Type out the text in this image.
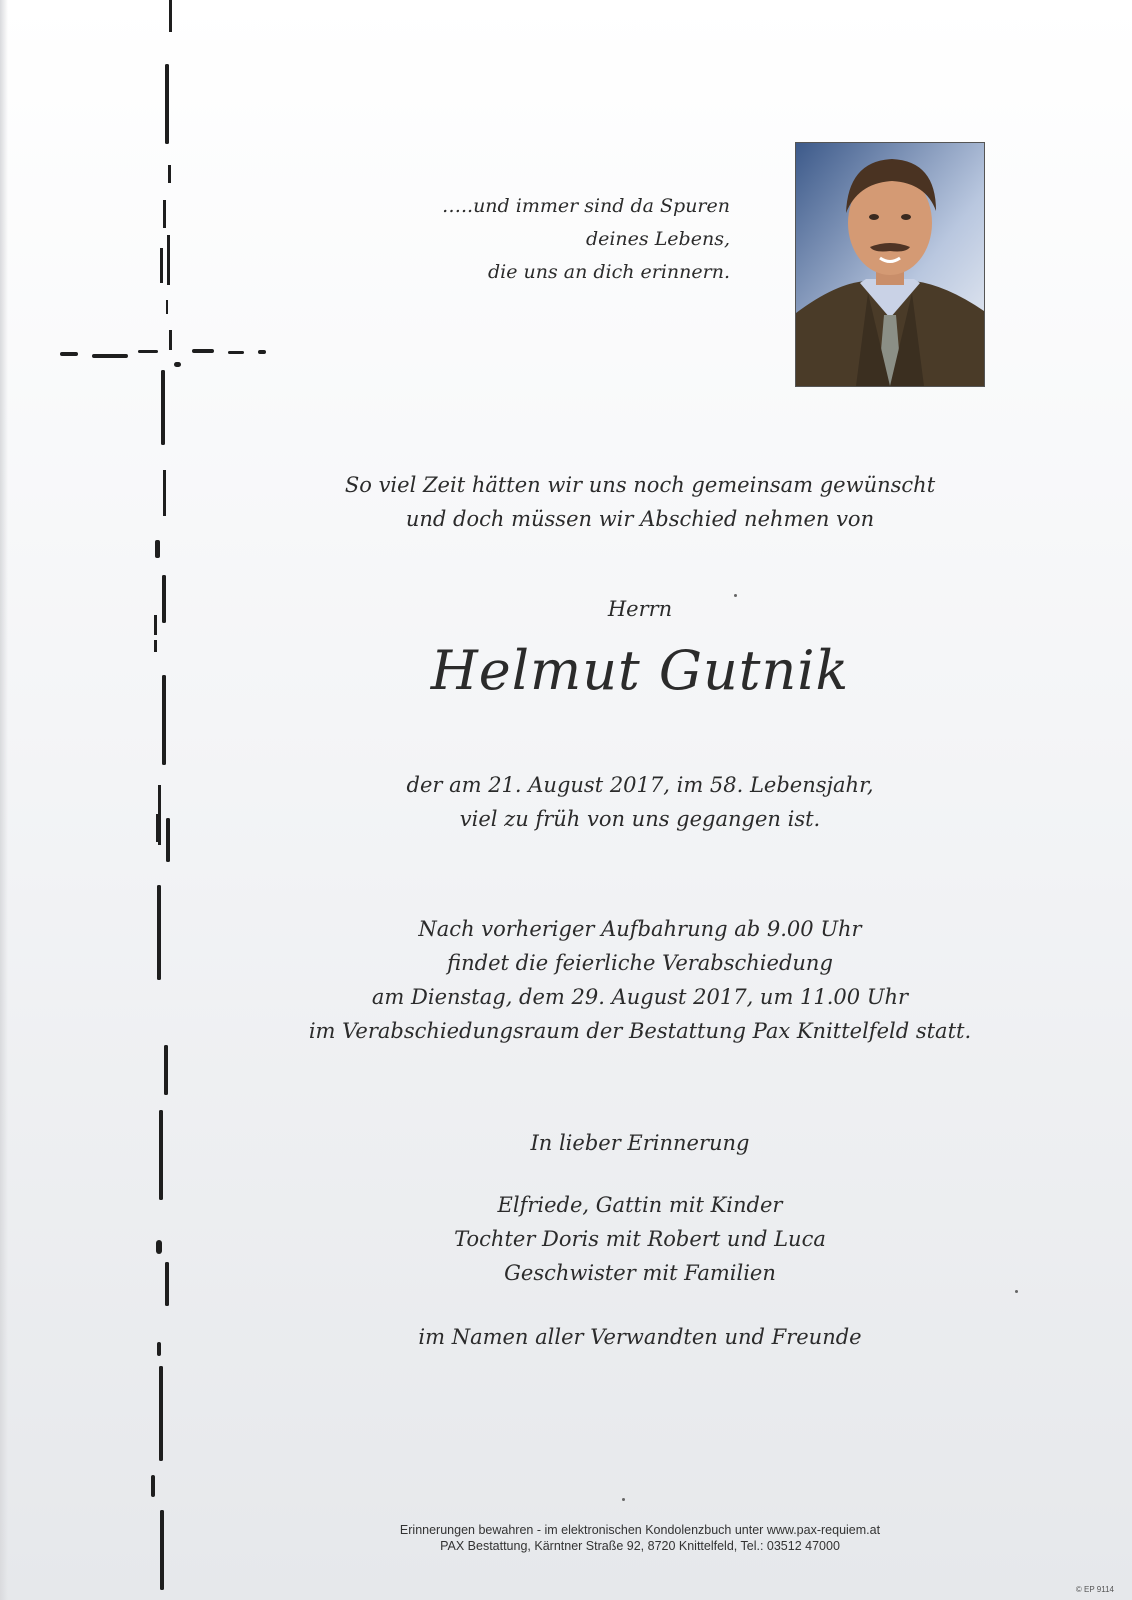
…..und immer sind da Spuren
deines Lebens,
die uns an dich erinnern.
So viel Zeit hätten wir uns noch gemeinsam gewünscht
und doch müssen wir Abschied nehmen von
Herrn
Helmut Gutnik
der am 21. August 2017, im 58. Lebensjahr,
viel zu früh von uns gegangen ist.
Nach vorheriger Aufbahrung ab 9.00 Uhr
findet die feierliche Verabschiedung
am Dienstag, dem 29. August 2017, um 11.00 Uhr
im Verabschiedungsraum der Bestattung Pax Knittelfeld statt.
In lieber Erinnerung
Elfriede, Gattin mit Kinder
Tochter Doris mit Robert und Luca
Geschwister mit Familien
im Namen aller Verwandten und Freunde
Erinnerungen bewahren - im elektronischen Kondolenzbuch unter www.pax-requiem.at
PAX Bestattung, Kärntner Straße 92, 8720 Knittelfeld, Tel.: 03512 47000
© EP 9114
